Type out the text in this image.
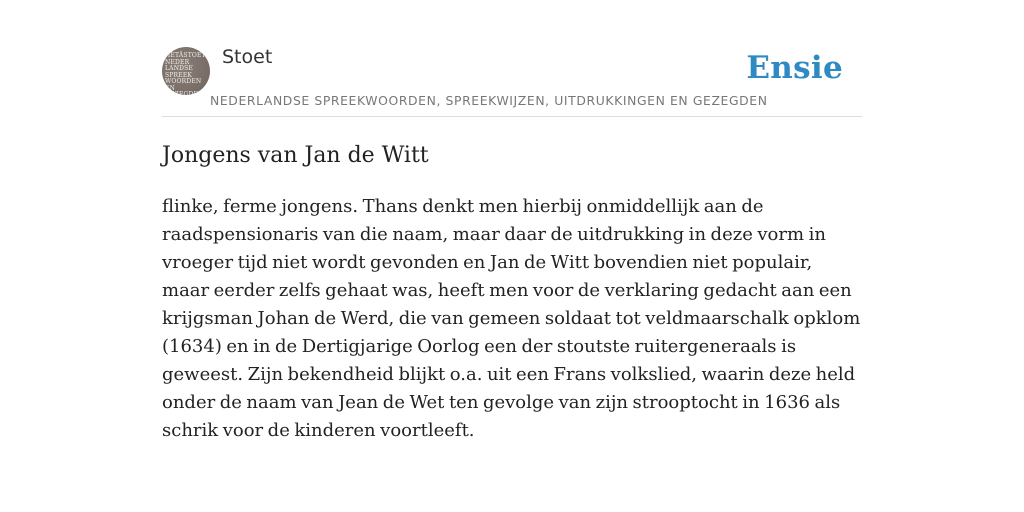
HETÄSTOET
NEDER
LANDSE
SPREEK
WOORDEN EN
GEZEGDEN

Stoet	Ensie

NEDERLANDSE SPREEKWOORDEN, SPREEKWIJZEN, UITDRUKKINGEN EN GEZEGDEN

Jongens van Jan de Witt

flinke, ferme jongens. Thans denkt men hierbij onmiddellijk aan de raadspensionaris van die naam, maar daar de uitdrukking in deze vorm in vroeger tijd niet wordt gevonden en Jan de Witt bovendien niet populair, maar eerder zelfs gehaat was, heeft men voor de verklaring gedacht aan een krijgsman Johan de Werd, die van gemeen soldaat tot veldmaarschalk opklom (1634) en in de Dertigjarige Oorlog een der stoutste ruitergeneraals is geweest. Zijn bekendheid blijkt o.a. uit een Frans volkslied, waarin deze held onder de naam van Jean de Wet ten gevolge van zijn strooptocht in 1636 als schrik voor de kinderen voortleeft.
